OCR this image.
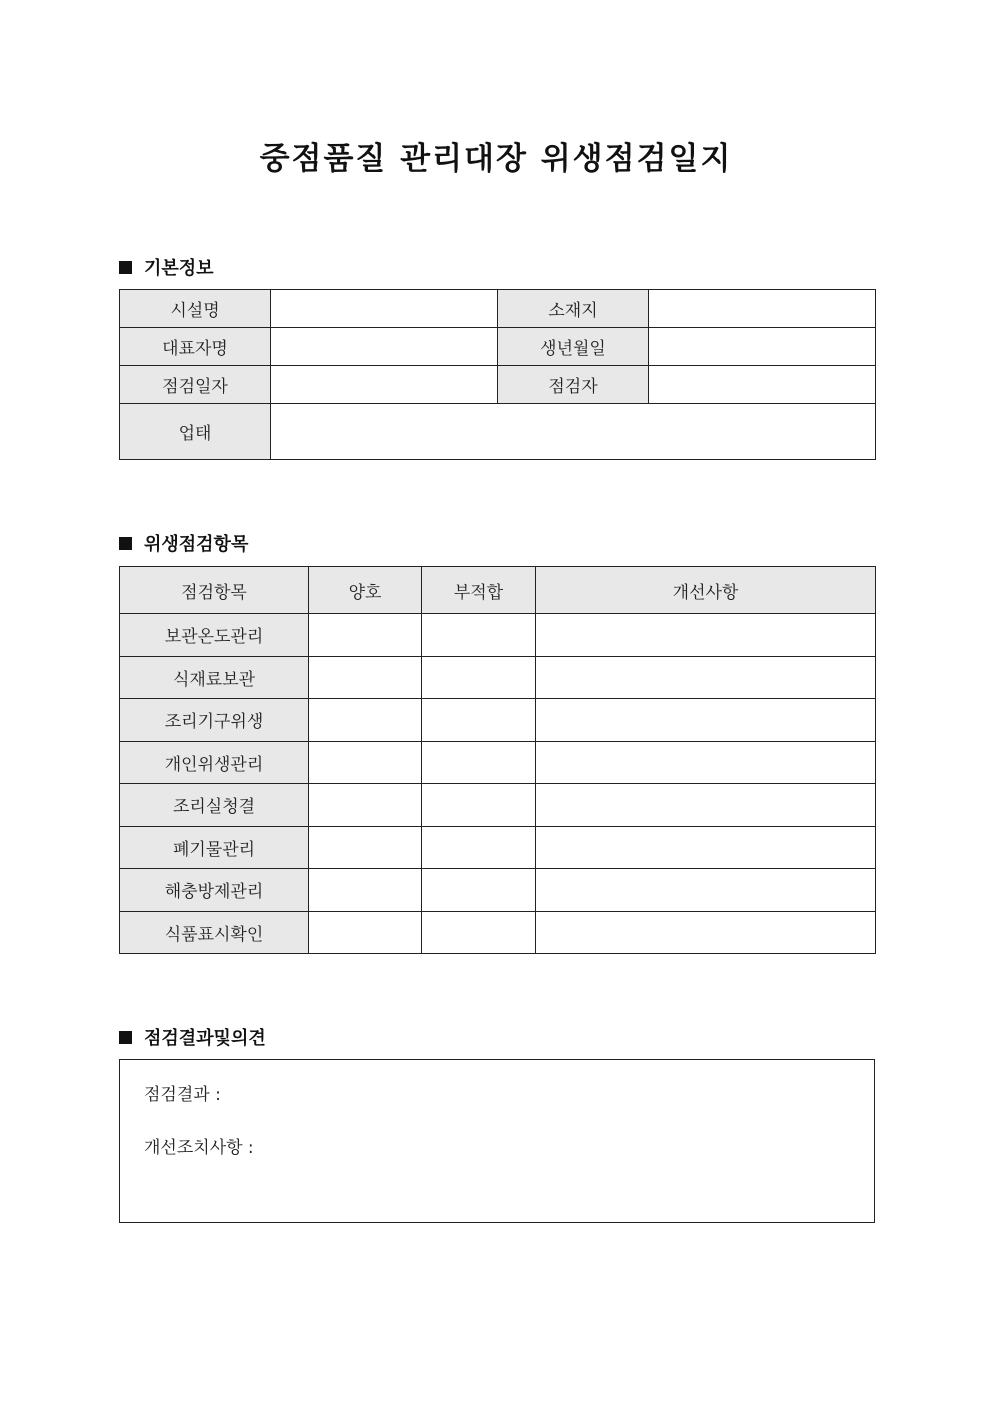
중점품질 관리대장 위생점검일지
기본정보
시설명		소재지	
대표자명		생년월일	
점검일자		점검자	
업태			
위생점검항목
점검항목	양호	부적합	개선사항
보관온도관리			
식재료보관			
조리기구위생			
개인위생관리			
조리실청결			
폐기물관리			
해충방제관리			
식품표시확인			
점검결과및의견
점검결과 :
개선조치사항 :
